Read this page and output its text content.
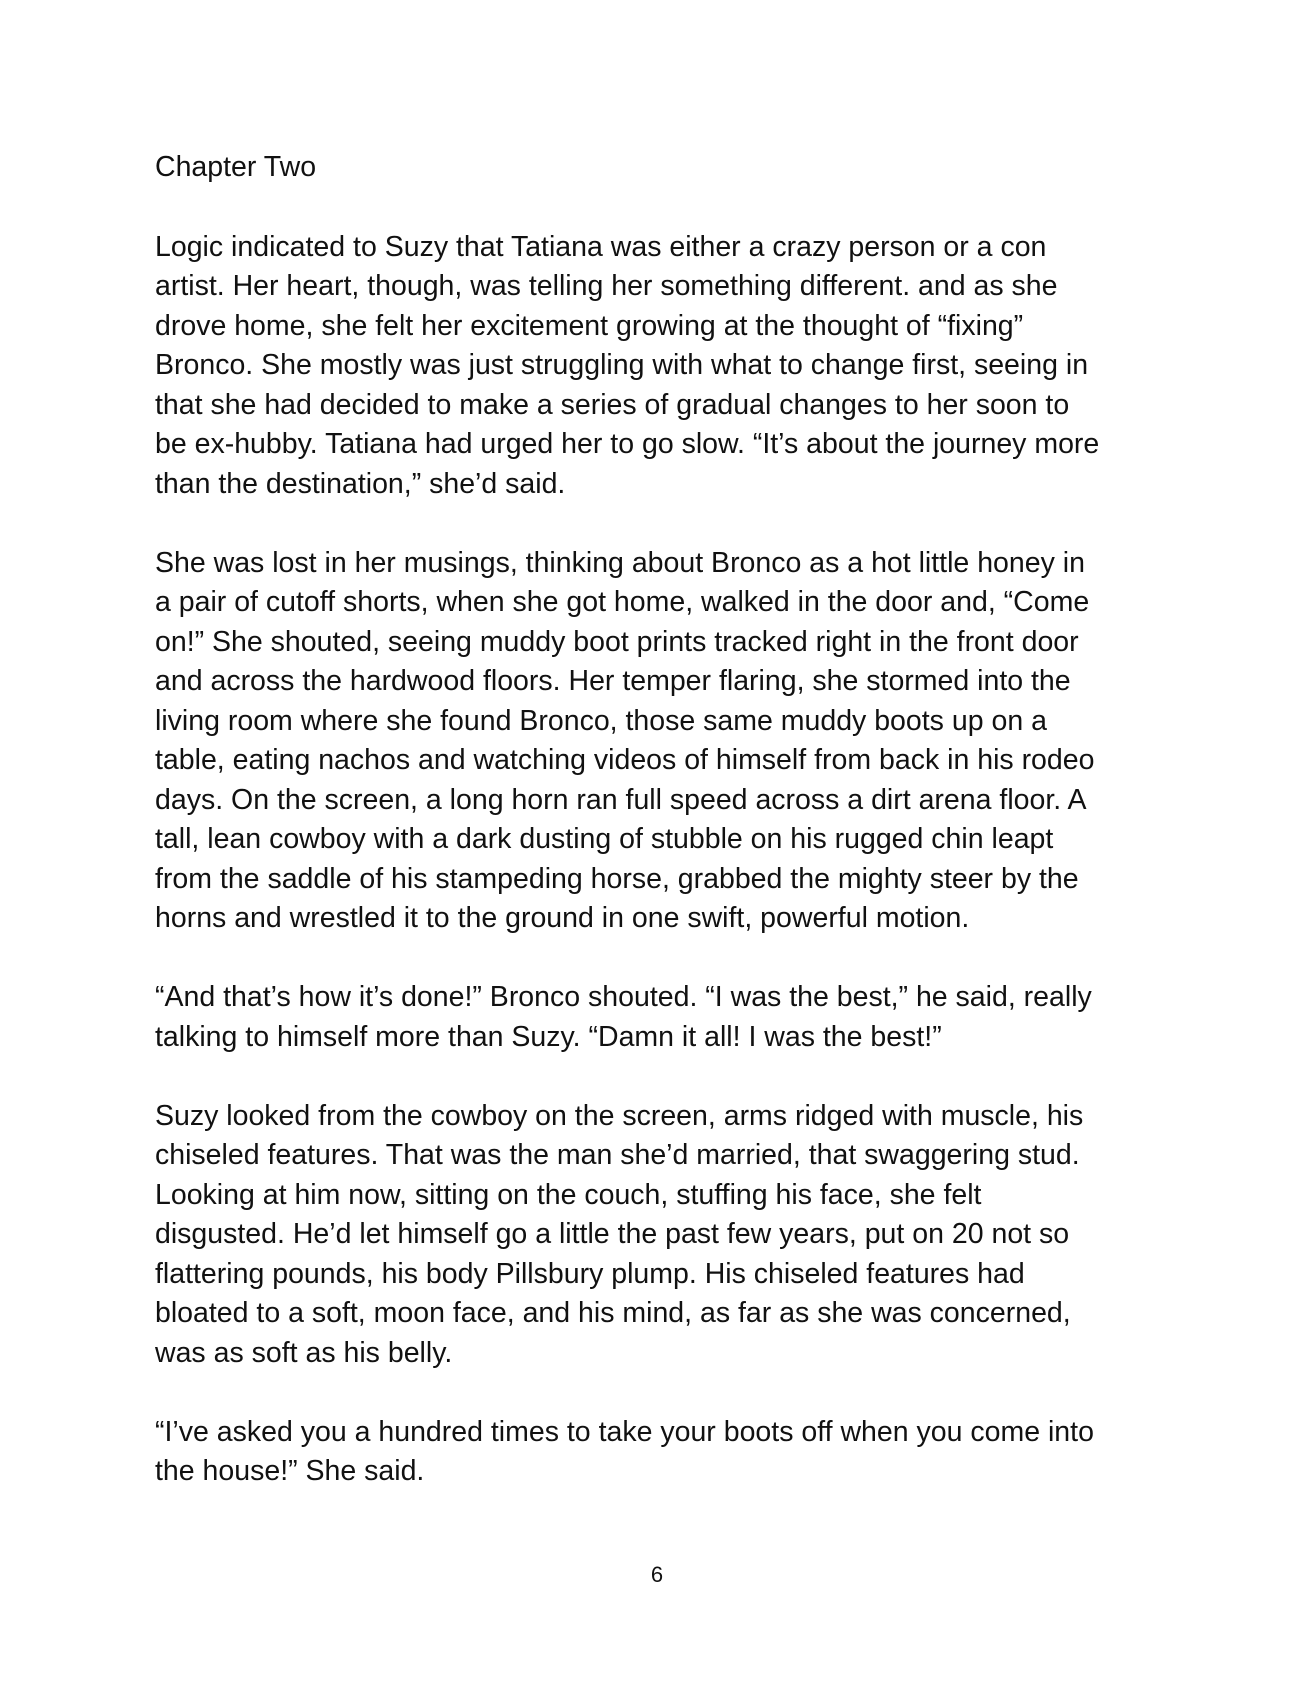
Chapter Two

Logic indicated to Suzy that Tatiana was either a crazy person or a con
artist. Her heart, though, was telling her something different. and as she
drove home, she felt her excitement growing at the thought of “fixing”
Bronco. She mostly was just struggling with what to change first, seeing in
that she had decided to make a series of gradual changes to her soon to
be ex-hubby. Tatiana had urged her to go slow. “It’s about the journey more
than the destination,” she’d said.

She was lost in her musings, thinking about Bronco as a hot little honey in
a pair of cutoff shorts, when she got home, walked in the door and, “Come
on!” She shouted, seeing muddy boot prints tracked right in the front door
and across the hardwood floors. Her temper flaring, she stormed into the
living room where she found Bronco, those same muddy boots up on a
table, eating nachos and watching videos of himself from back in his rodeo
days. On the screen, a long horn ran full speed across a dirt arena floor. A
tall, lean cowboy with a dark dusting of stubble on his rugged chin leapt
from the saddle of his stampeding horse, grabbed the mighty steer by the
horns and wrestled it to the ground in one swift, powerful motion.

“And that’s how it’s done!” Bronco shouted. “I was the best,” he said, really
talking to himself more than Suzy. “Damn it all! I was the best!”

Suzy looked from the cowboy on the screen, arms ridged with muscle, his
chiseled features. That was the man she’d married, that swaggering stud.
Looking at him now, sitting on the couch, stuffing his face, she felt
disgusted. He’d let himself go a little the past few years, put on 20 not so
flattering pounds, his body Pillsbury plump. His chiseled features had
bloated to a soft, moon face, and his mind, as far as she was concerned,
was as soft as his belly.

“I’ve asked you a hundred times to take your boots off when you come into
the house!” She said.

6
